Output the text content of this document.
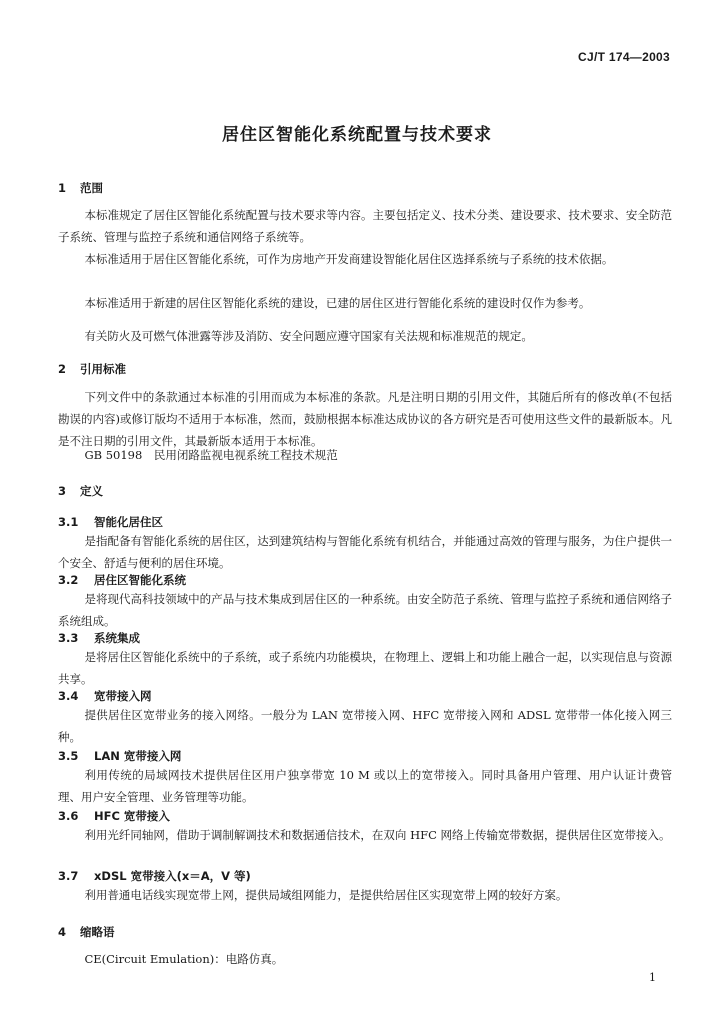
CJ/T 174—2003
居住区智能化系统配置与技术要求
1 范围
本标准规定了居住区智能化系统配置与技术要求等内容。主要包括定义、技术分类、建设要求、技术要求、安全防范子系统、管理与监控子系统和通信网络子系统等。
本标准适用于居住区智能化系统，可作为房地产开发商建设智能化居住区选择系统与子系统的技术依据。
本标准适用于新建的居住区智能化系统的建设，已建的居住区进行智能化系统的建设时仅作为参考。
有关防火及可燃气体泄露等涉及消防、安全问题应遵守国家有关法规和标准规范的规定。
2 引用标准
下列文件中的条款通过本标准的引用而成为本标准的条款。凡是注明日期的引用文件，其随后所有的修改单(不包括勘误的内容)或修订版均不适用于本标准，然而，鼓励根据本标准达成协议的各方研究是否可使用这些文件的最新版本。凡是不注日期的引用文件，其最新版本适用于本标准。
GB 50198　民用闭路监视电视系统工程技术规范
3 定义
3.1 智能化居住区
是指配备有智能化系统的居住区，达到建筑结构与智能化系统有机结合，并能通过高效的管理与服务，为住户提供一个安全、舒适与便利的居住环境。
3.2 居住区智能化系统
是将现代高科技领域中的产品与技术集成到居住区的一种系统。由安全防范子系统、管理与监控子系统和通信网络子系统组成。
3.3 系统集成
是将居住区智能化系统中的子系统，或子系统内功能模块，在物理上、逻辑上和功能上融合一起，以实现信息与资源共享。
3.4 宽带接入网
提供居住区宽带业务的接入网络。一般分为 LAN 宽带接入网、HFC 宽带接入网和 ADSL 宽带带一体化接入网三种。
3.5 LAN 宽带接入网
利用传统的局域网技术提供居住区用户独享带宽 10 M 或以上的宽带接入。同时具备用户管理、用户认证计费管理、用户安全管理、业务管理等功能。
3.6 HFC 宽带接入
利用光纤同轴网，借助于调制解调技术和数据通信技术，在双向 HFC 网络上传输宽带数据，提供居住区宽带接入。
3.7 xDSL 宽带接入(x＝A，V 等)
利用普通电话线实现宽带上网，提供局域组网能力，是提供给居住区实现宽带上网的较好方案。
4 缩略语
CE(Circuit Emulation)：电路仿真。
1
